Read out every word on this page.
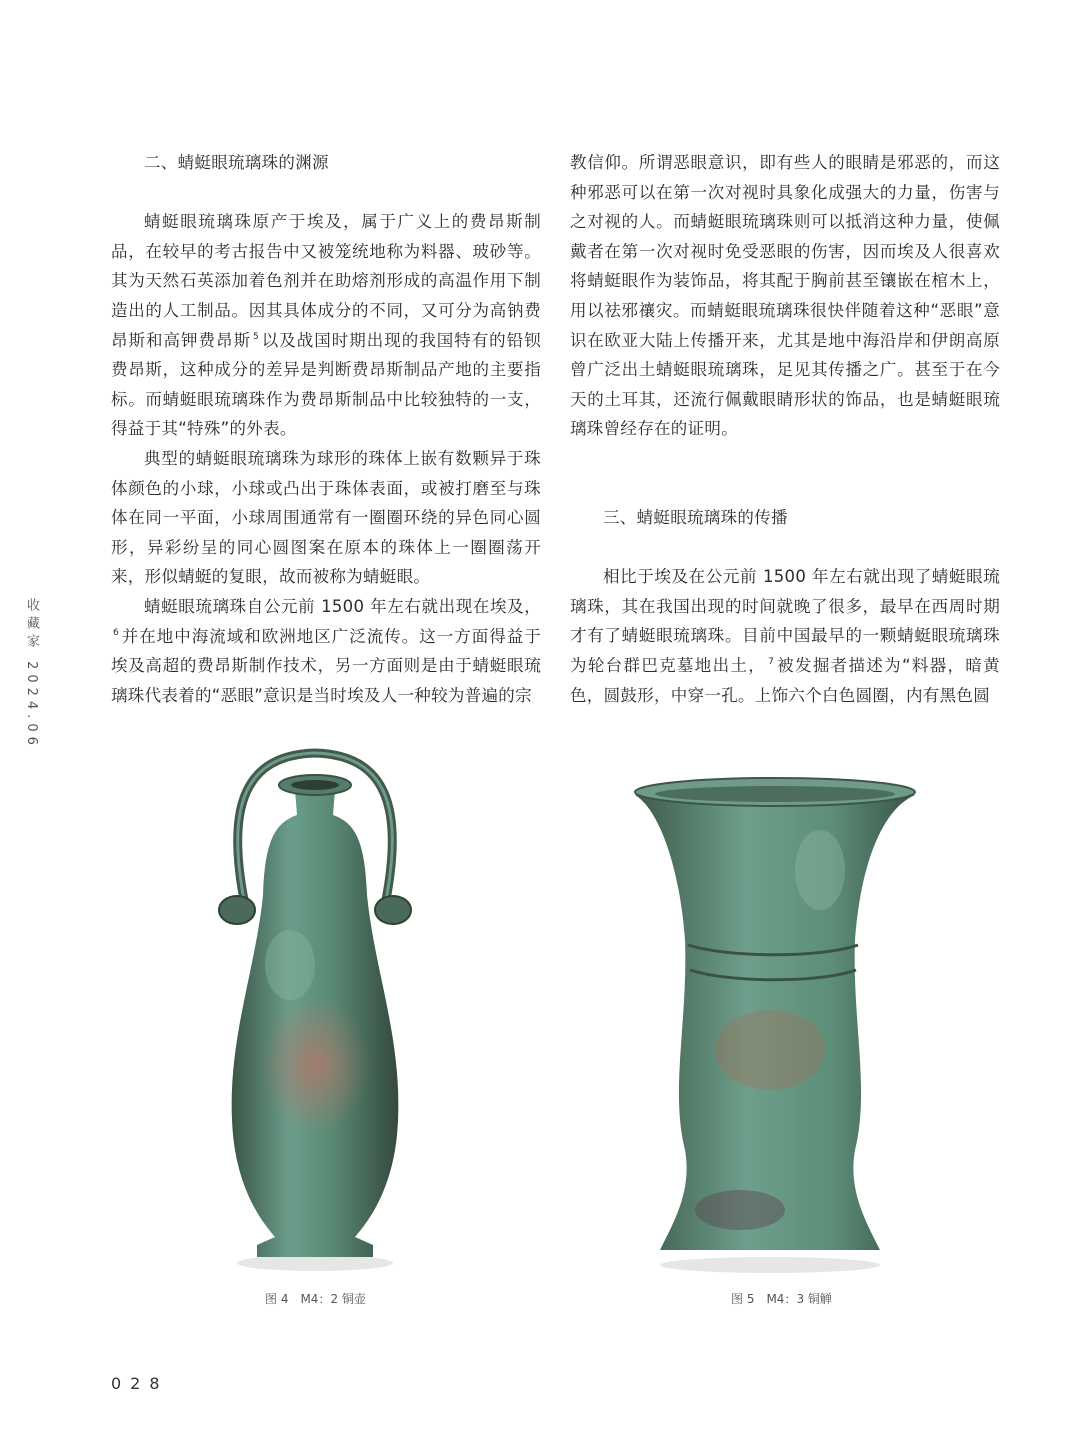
收藏家 2024.06

二、蜻蜓眼琉璃珠的渊源

蜻蜓眼琉璃珠原产于埃及，属于广义上的费昂斯制品，在较早的考古报告中又被笼统地称为料器、玻砂等。其为天然石英添加着色剂并在助熔剂形成的高温作用下制造出的人工制品。因其具体成分的不同，又可分为高钠费昂斯和高钾费昂斯 $^5$ 以及战国时期出现的我国特有的铅钡费昂斯，这种成分的差异是判断费昂斯制品产地的主要指标。而蜻蜓眼琉璃珠作为费昂斯制品中比较独特的一支，得益于其“特殊”的外表。

典型的蜻蜓眼琉璃珠为球形的珠体上嵌有数颗异于珠体颜色的小球，小球或凸出于珠体表面，或被打磨至与珠体在同一平面，小球周围通常有一圈圈环绕的异色同心圆形，异彩纷呈的同心圆图案在原本的珠体上一圈圈荡开来，形似蜻蜓的复眼，故而被称为蜻蜓眼。

蜻蜓眼琉璃珠自公元前 1500 年左右就出现在埃及，$^6$ 并在地中海流域和欧洲地区广泛流传。这一方面得益于埃及高超的费昂斯制作技术，另一方面则是由于蜻蜓眼琉璃珠代表着的“恶眼”意识是当时埃及人一种较为普遍的宗

教信仰。所谓恶眼意识，即有些人的眼睛是邪恶的，而这种邪恶可以在第一次对视时具象化成强大的力量，伤害与之对视的人。而蜻蜓眼琉璃珠则可以抵消这种力量，使佩戴者在第一次对视时免受恶眼的伤害，因而埃及人很喜欢将蜻蜓眼作为装饰品，将其配于胸前甚至镶嵌在棺木上，用以祛邪禳灾。而蜻蜓眼琉璃珠很快伴随着这种“恶眼”意识在欧亚大陆上传播开来，尤其是地中海沿岸和伊朗高原曾广泛出土蜻蜓眼琉璃珠，足见其传播之广。甚至于在今天的土耳其，还流行佩戴眼睛形状的饰品，也是蜻蜓眼琉璃珠曾经存在的证明。

三、蜻蜓眼琉璃珠的传播

相比于埃及在公元前 1500 年左右就出现了蜻蜓眼琉璃珠，其在我国出现的时间就晚了很多，最早在西周时期才有了蜻蜓眼琉璃珠。目前中国最早的一颗蜻蜓眼琉璃珠为轮台群巴克墓地出土， $^7$ 被发掘者描述为“料器，暗黄色，圆鼓形，中穿一孔。上饰六个白色圆圈，内有黑色圆

图 4　M4：2 铜壶	图 5　M4：3 铜觯
028
